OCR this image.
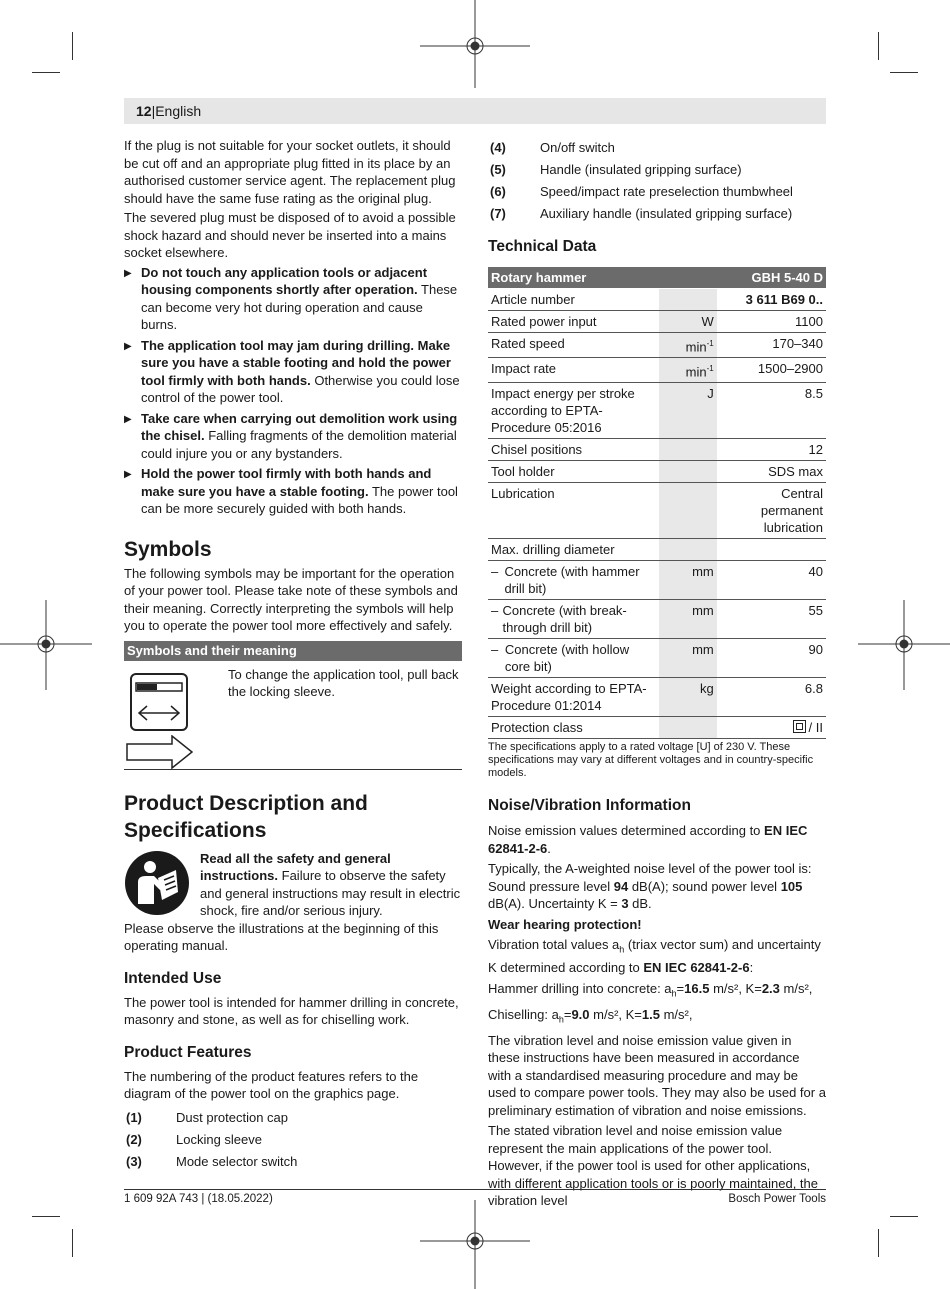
12|English

If the plug is not suitable for your socket outlets, it should be cut off and an appropriate plug fitted in its place by an authorised customer service agent. The replacement plug should have the same fuse rating as the original plug.

The severed plug must be disposed of to avoid a possible shock hazard and should never be inserted into a mains socket elsewhere.

▶ Do not touch any application tools or adjacent housing components shortly after operation. These can become very hot during operation and cause burns.
▶ The application tool may jam during drilling. Make sure you have a stable footing and hold the power tool firmly with both hands. Otherwise you could lose control of the power tool.
▶ Take care when carrying out demolition work using the chisel. Falling fragments of the demolition material could injure you or any bystanders.
▶ Hold the power tool firmly with both hands and make sure you have a stable footing. The power tool can be more securely guided with both hands.
Symbols

The following symbols may be important for the operation of your power tool. Please take note of these symbols and their meaning. Correctly interpreting the symbols will help you to operate the power tool more effectively and safely.

Symbols and their meaning
To change the application tool, pull back the locking sleeve.
Product Description and Specifications
Read all the safety and general instructions. Failure to observe the safety and general instructions may result in electric shock, fire and/or serious injury.

Please observe the illustrations at the beginning of this operating manual.

Intended Use

The power tool is intended for hammer drilling in concrete, masonry and stone, as well as for chiselling work.

Product Features

The numbering of the product features refers to the diagram of the power tool on the graphics page.

(1)	Dust protection cap
(2)	Locking sleeve
(3)	Mode selector switch
(4)	On/off switch
(5)	Handle (insulated gripping surface)
(6)	Speed/impact rate preselection thumbwheel
(7)	Auxiliary handle (insulated gripping surface)
Technical Data
Rotary hammer		GBH 5-40 D
Article number		3 611 B69 0..
Rated power input	W	1100
Rated speed	$\min^{-1}$	170–340
Impact rate	$\min^{-1}$	1500–2900
Impact energy per stroke according to EPTA-Procedure 05:2016	J	8.5
Chisel positions		12
Tool holder		SDS max
Lubrication		Central permanent lubrication
Max. drilling diameter		

– Concrete (with hammer drill bit)	mm	40

– Concrete (with break-through drill bit)	mm	55

– Concrete (with hollow core bit)	mm	90
Weight according to EPTA-Procedure 01:2014	kg	6.8
Protection class		/ II
The specifications apply to a rated voltage [U] of 230 V. These specifications may vary at different voltages and in country-specific models.
Noise/Vibration Information

Noise emission values determined according to EN IEC 62841-2-6.

Typically, the A-weighted noise level of the power tool is: Sound pressure level 94 dB(A); sound power level 105 dB(A). Uncertainty K = 3 dB.

Wear hearing protection!

Vibration total values $a_h$ (triax vector sum) and uncertainty K determined according to EN IEC 62841-2-6:

Hammer drilling into concrete: $a_h=16.5$ m/s², K=2.3 m/s²,

Chiselling: $a_h=9.0$ m/s², K=1.5 m/s²,

The vibration level and noise emission value given in these instructions have been measured in accordance with a standardised measuring procedure and may be used to compare power tools. They may also be used for a preliminary estimation of vibration and noise emissions.

The stated vibration level and noise emission value represent the main applications of the power tool. However, if the power tool is used for other applications, with different application tools or is poorly maintained, the vibration level

1 609 92A 743 | (18.05.2022)	Bosch Power Tools
